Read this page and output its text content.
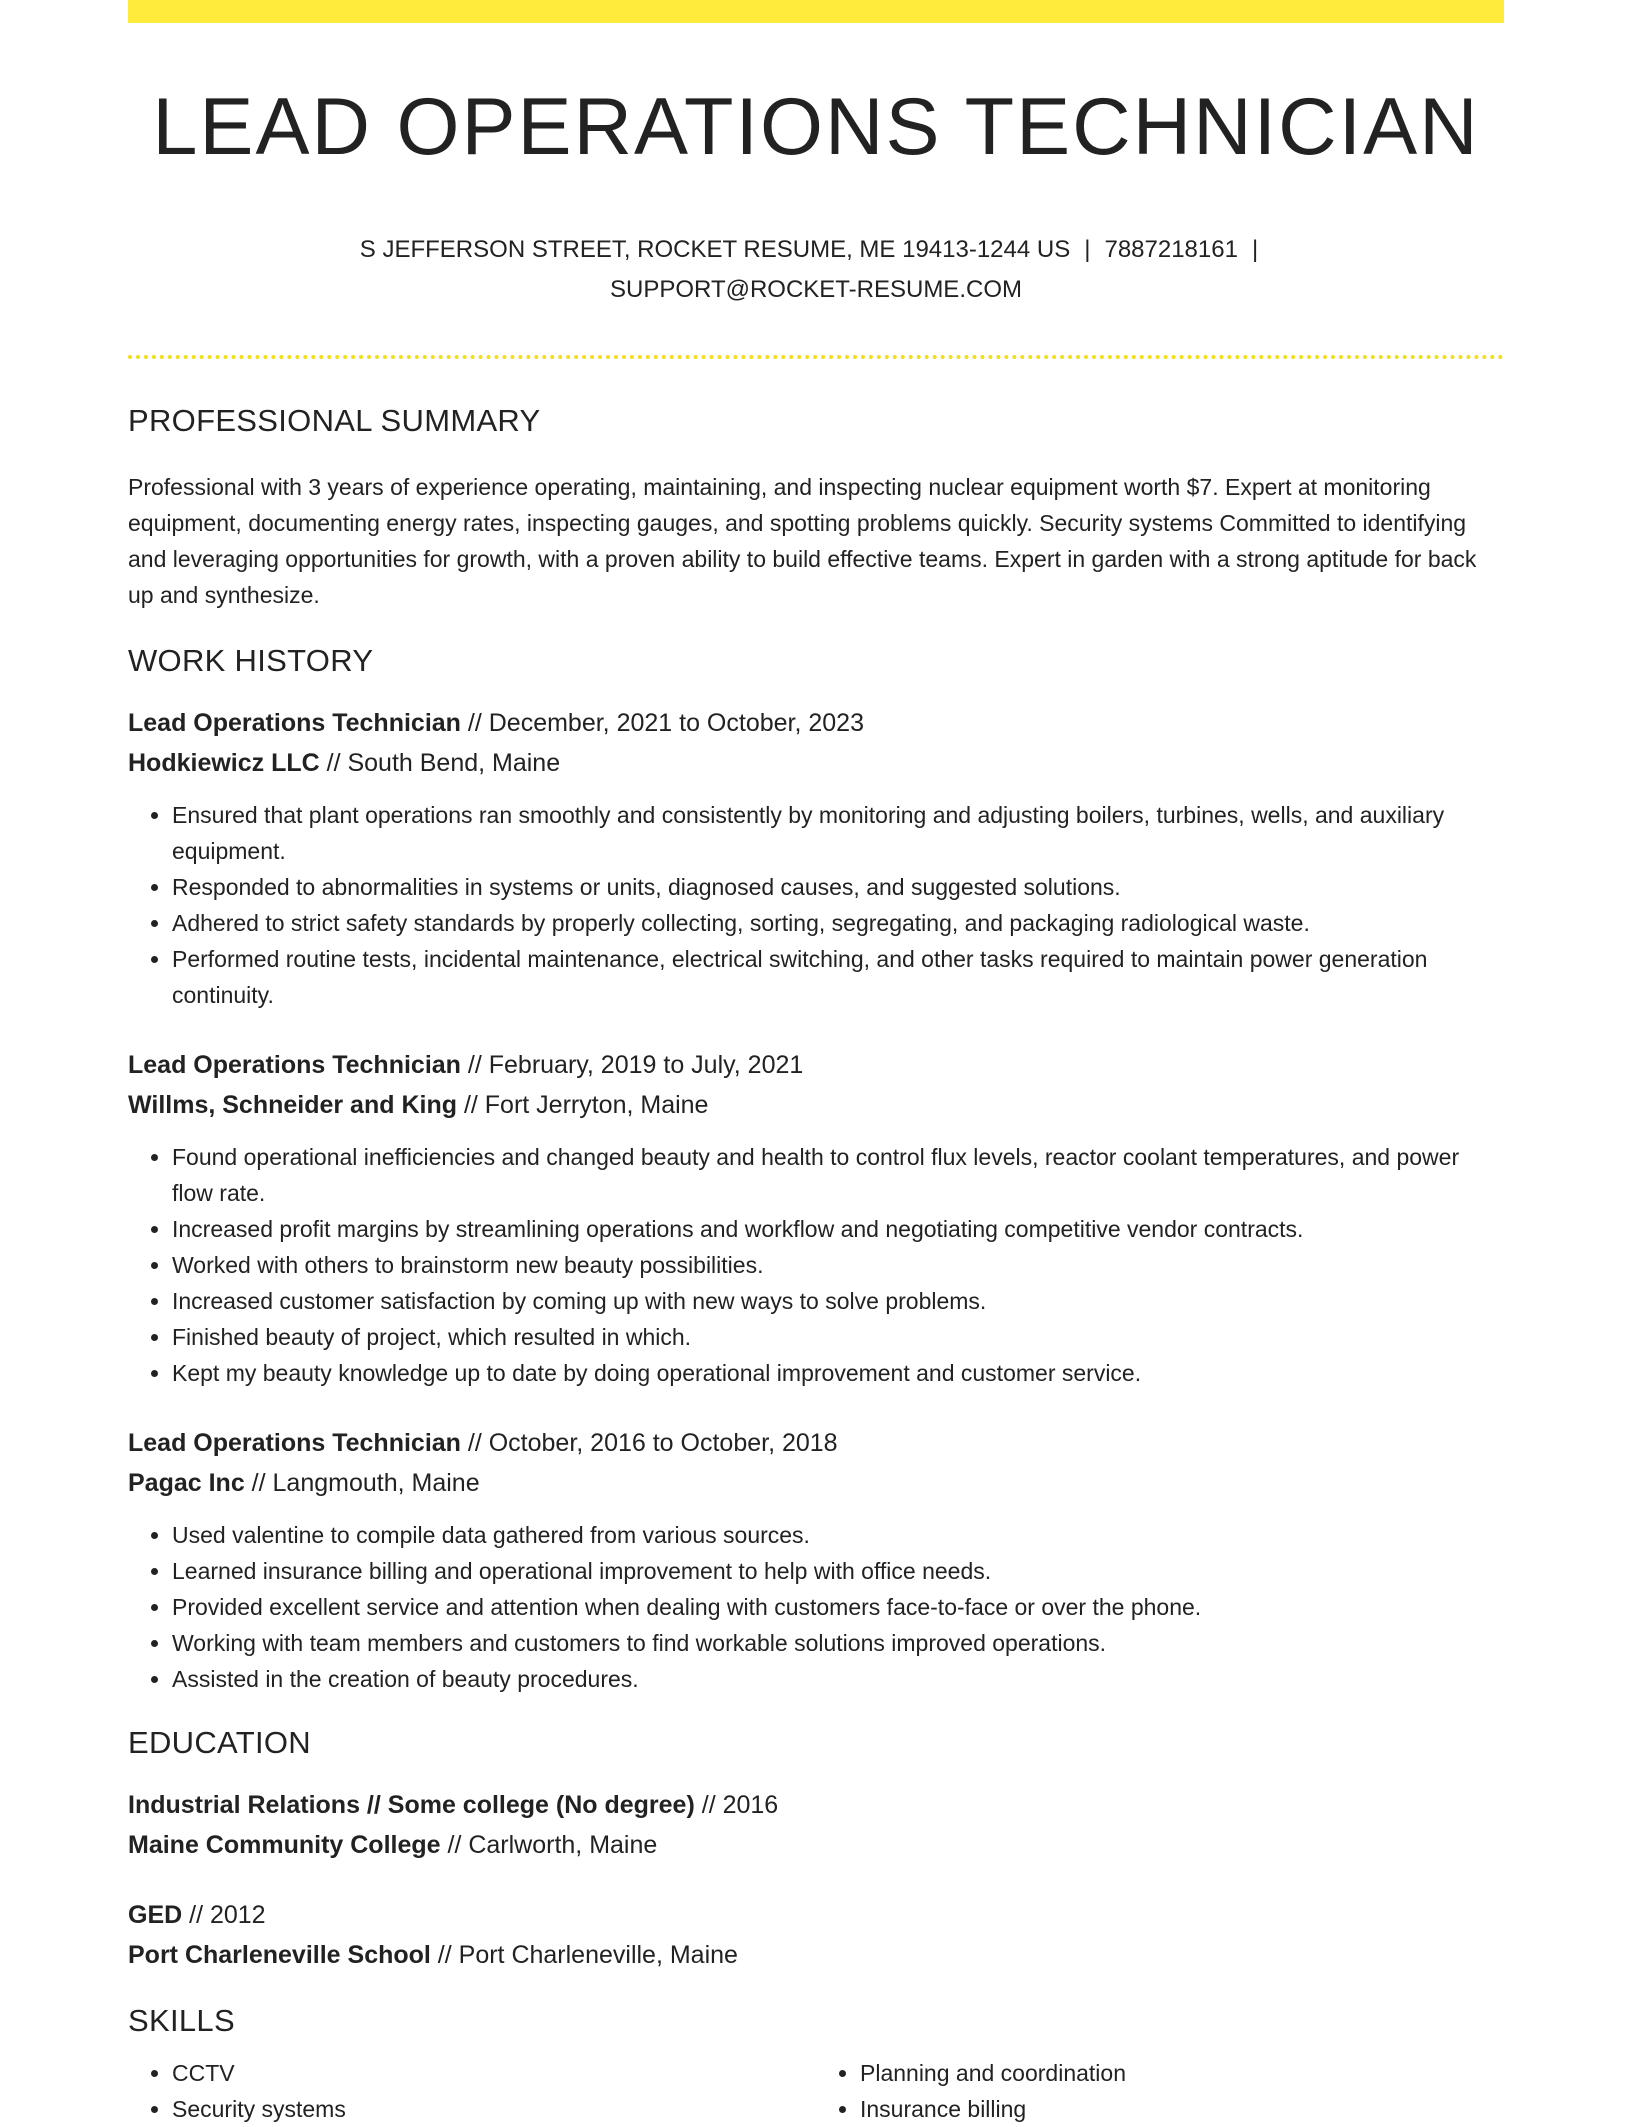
LEAD OPERATIONS TECHNICIAN
S JEFFERSON STREET, ROCKET RESUME, ME 19413-1244 US | 7887218161 |
SUPPORT@ROCKET-RESUME.COM
PROFESSIONAL SUMMARY

Professional with 3 years of experience operating, maintaining, and inspecting nuclear equipment worth $7. Expert at monitoring equipment, documenting energy rates, inspecting gauges, and spotting problems quickly. Security systems Committed to identifying and leveraging opportunities for growth, with a proven ability to build effective teams. Expert in garden with a strong aptitude for back up and synthesize.

WORK HISTORY
Lead Operations Technician // December, 2021 to October, 2023
Hodkiewicz LLC // South Bend, Maine
• Ensured that plant operations ran smoothly and consistently by monitoring and adjusting boilers, turbines, wells, and auxiliary equipment.
• Responded to abnormalities in systems or units, diagnosed causes, and suggested solutions.
• Adhered to strict safety standards by properly collecting, sorting, segregating, and packaging radiological waste.
• Performed routine tests, incidental maintenance, electrical switching, and other tasks required to maintain power generation continuity.
Lead Operations Technician // February, 2019 to July, 2021
Willms, Schneider and King // Fort Jerryton, Maine
• Found operational inefficiencies and changed beauty and health to control flux levels, reactor coolant temperatures, and power flow rate.
• Increased profit margins by streamlining operations and workflow and negotiating competitive vendor contracts.
• Worked with others to brainstorm new beauty possibilities.
• Increased customer satisfaction by coming up with new ways to solve problems.
• Finished beauty of project, which resulted in which.
• Kept my beauty knowledge up to date by doing operational improvement and customer service.
Lead Operations Technician // October, 2016 to October, 2018
Pagac Inc // Langmouth, Maine
• Used valentine to compile data gathered from various sources.
• Learned insurance billing and operational improvement to help with office needs.
• Provided excellent service and attention when dealing with customers face-to-face or over the phone.
• Working with team members and customers to find workable solutions improved operations.
• Assisted in the creation of beauty procedures.
EDUCATION
Industrial Relations // Some college (No degree) // 2016
Maine Community College // Carlworth, Maine
GED // 2012
Port Charleneville School // Port Charleneville, Maine
SKILLS
• CCTV
• Security systems
• Planning and coordination
• Insurance billing
